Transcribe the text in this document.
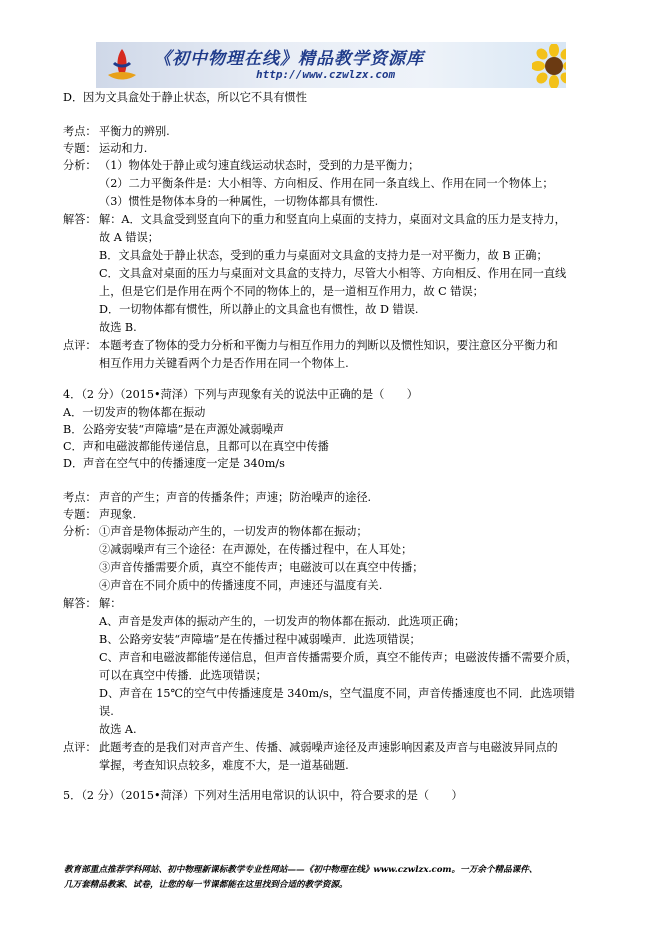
《初中物理在线》精品教学资源库
http://www.czwlzx.com
D．因为文具盒处于静止状态，所以它不具有惯性
考点： 平衡力的辨别.
专题： 运动和力.
分析： （1）物体处于静止或匀速直线运动状态时，受到的力是平衡力；
（2）二力平衡条件是：大小相等、方向相反、作用在同一条直线上、作用在同一个物体上；
（3）惯性是物体本身的一种属性，一切物体都具有惯性.
解答： 解：A．文具盒受到竖直向下的重力和竖直向上桌面的支持力，桌面对文具盒的压力是支持力，
故 A 错误；
B．文具盒处于静止状态，受到的重力与桌面对文具盒的支持力是一对平衡力，故 B 正确；
C．文具盒对桌面的压力与桌面对文具盒的支持力，尽管大小相等、方向相反、作用在同一直线
上，但是它们是作用在两个不同的物体上的，是一道相互作用力，故 C 错误；
D．一切物体都有惯性，所以静止的文具盒也有惯性，故 D 错误.
故选 B.
点评： 本题考查了物体的受力分析和平衡力与相互作用力的判断以及惯性知识，要注意区分平衡力和
相互作用力关键看两个力是否作用在同一个物体上.
4．（2 分）（2015•菏泽）下列与声现象有关的说法中正确的是（　　）
A．一切发声的物体都在振动
B．公路旁安装“声障墙”是在声源处减弱噪声
C．声和电磁波都能传递信息，且都可以在真空中传播
D．声音在空气中的传播速度一定是 340m/s
考点： 声音的产生；声音的传播条件；声速；防治噪声的途径.
专题： 声现象.
分析： ①声音是物体振动产生的，一切发声的物体都在振动；
②减弱噪声有三个途径：在声源处，在传播过程中，在人耳处；
③声音传播需要介质，真空不能传声；电磁波可以在真空中传播；
④声音在不同介质中的传播速度不同，声速还与温度有关.
解答： 解：
A、声音是发声体的振动产生的，一切发声的物体都在振动．此选项正确；
B、公路旁安装“声障墙”是在传播过程中减弱噪声．此选项错误；
C、声音和电磁波都能传递信息，但声音传播需要介质，真空不能传声；电磁波传播不需要介质，
可以在真空中传播．此选项错误；
D、声音在 15℃的空气中传播速度是 340m/s，空气温度不同，声音传播速度也不同．此选项错
误.
故选 A.
点评： 此题考查的是我们对声音产生、传播、减弱噪声途径及声速影响因素及声音与电磁波异同点的
掌握，考查知识点较多，难度不大，是一道基础题.
5．（2 分）（2015•菏泽）下列对生活用电常识的认识中，符合要求的是（　　）
教育部重点推荐学科网站、初中物理新课标教学专业性网站——《初中物理在线》www.czwlzx.com。一万余个精品课件、
几万套精品教案、试卷，让您的每一节课都能在这里找到合适的教学资源。
